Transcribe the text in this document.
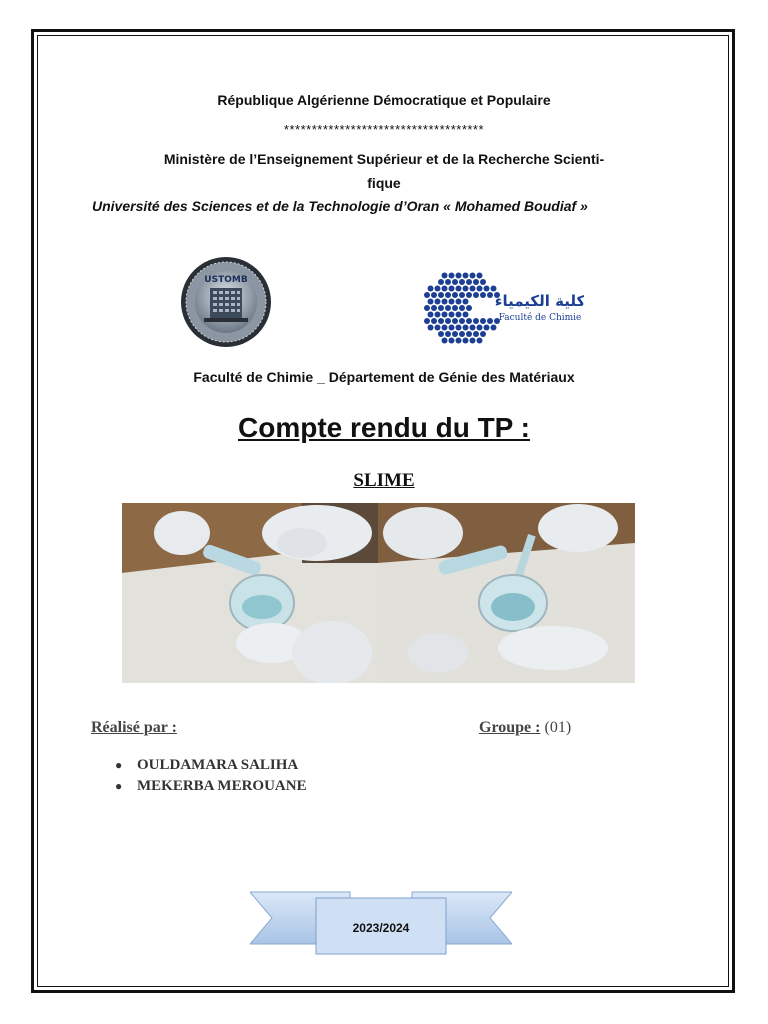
République Algérienne Démocratique et Populaire
************************************
Ministère de l’Enseignement Supérieur et de la Recherche Scienti-
fique
Université des Sciences et de la Technologie d’Oran « Mohamed Boudiaf »
USTOMB
كلية الكيمياء
Faculté de Chimie
Faculté de Chimie _ Département de Génie des Matériaux
Compte rendu du TP :
SLIME
Réalisé par :	Groupe : (01)
● OULDAMARA SALIHA
● MEKERBA MEROUANE
2023/2024
